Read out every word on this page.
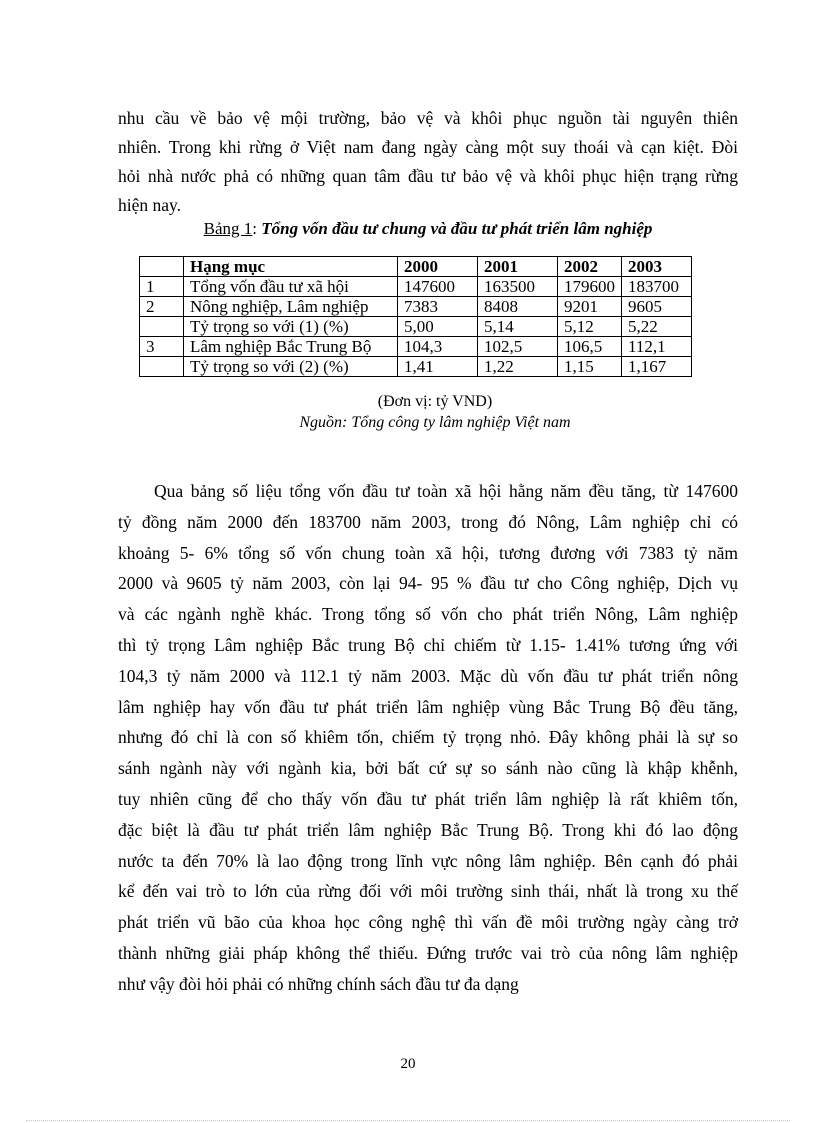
nhu cầu về bảo vệ mội trường, bảo vệ và khôi phục nguồn tài nguyên thiên
nhiên. Trong khi rừng ở Việt nam đang ngày càng một suy thoái và cạn kiệt. Đòi
hỏi nhà nước phả có những quan tâm đầu tư bảo vệ và khôi phục hiện trạng rừng
hiện nay.
Bảng 1: Tổng vốn đầu tư chung và đầu tư phát triển lâm nghiệp
	Hạng mục	2000	2001	2002	2003
1	Tổng vốn đầu tư xã hội	147600	163500	179600	183700
2	Nông nghiệp, Lâm nghiệp	7383	8408	9201	9605
	Tỷ trọng so với (1) (%)	5,00	5,14	5,12	5,22
3	Lâm nghiệp Bắc Trung Bộ	104,3	102,5	106,5	112,1
	Tỷ trọng so với (2) (%)	1,41	1,22	1,15	1,167
(Đơn vị: tỷ VND)
Nguồn: Tổng công ty lâm nghiệp Việt nam
Qua bảng số liệu tổng vốn đầu tư toàn xã hội hằng năm đều tăng, từ 147600
tỷ đồng năm 2000 đến 183700 năm 2003, trong đó Nông, Lâm nghiệp chỉ có
khoảng 5- 6% tổng số vốn chung toàn xã hội, tương đương với 7383 tỷ năm
2000 và 9605 tỷ năm 2003, còn lại 94- 95 % đầu tư cho Công nghiệp, Dịch vụ
và các ngành nghề khác. Trong tổng số vốn cho phát triển Nông, Lâm nghiệp
thì tỷ trọng Lâm nghiệp Bắc trung Bộ chỉ chiếm từ 1.15- 1.41% tương ứng với
104,3 tỷ năm 2000 và 112.1 tỷ năm 2003. Mặc dù vốn đầu tư phát triển nông
lâm nghiệp hay vốn đầu tư phát triển lâm nghiệp vùng Bắc Trung Bộ đều tăng,
nhưng đó chỉ là con số khiêm tốn, chiếm tỷ trọng nhỏ. Đây không phải là sự so
sánh ngành này với ngành kia, bởi bất cứ sự so sánh nào cũng là khập khễnh,
tuy nhiên cũng để cho thấy vốn đầu tư phát triển lâm nghiệp là rất khiêm tốn,
đặc biệt là đầu tư phát triển lâm nghiệp Bắc Trung Bộ. Trong khi đó lao động
nước ta đến 70% là lao động trong lĩnh vực nông lâm nghiệp. Bên cạnh đó phải
kể đến vai trò to lớn của rừng đối với môi trường sinh thái, nhất là trong xu thế
phát triển vũ bão của khoa học công nghệ thì vấn đề môi trường ngày càng trở
thành những giải pháp không thể thiếu. Đứng trước vai trò của nông lâm nghiệp
như vậy đòi hỏi phải có những chính sách đầu tư đa dạng
20
